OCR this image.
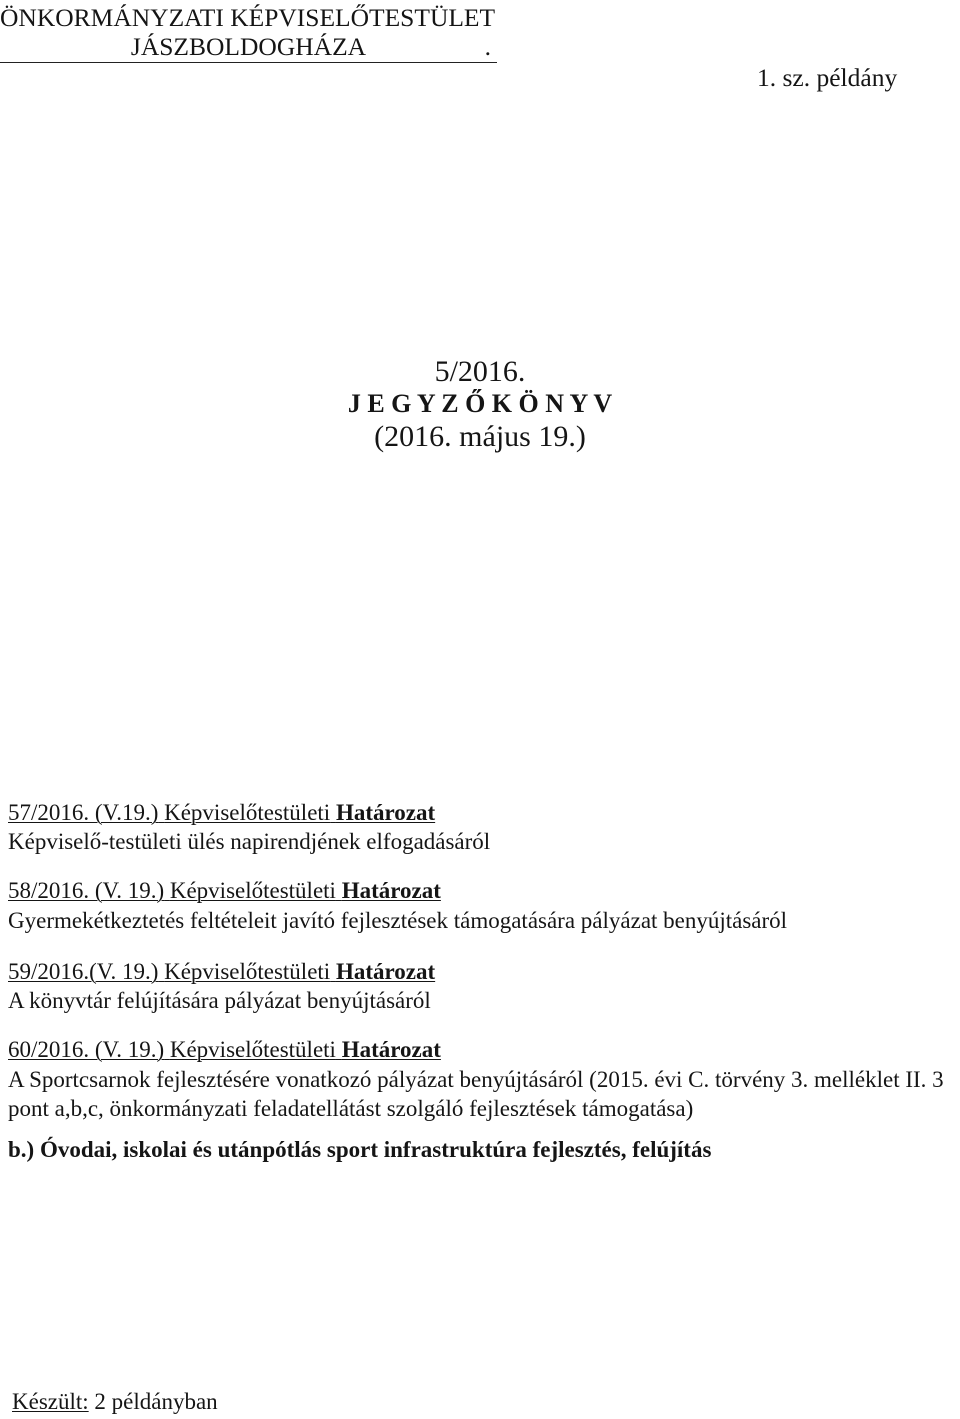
ÖNKORMÁNYZATI KÉPVISELŐTESTÜLET
JÁSZBOLDOGHÁZA	.
1. sz. példány
5/2016.
J E G Y Z Ő K Ö N Y V
(2016. május 19.)
57/2016. (V.19.) Képviselőtestületi Határozat
Képviselő-testületi ülés napirendjének elfogadásáról
58/2016. (V. 19.) Képviselőtestületi Határozat
Gyermekétkeztetés feltételeit javító fejlesztések támogatására pályázat benyújtásáról
59/2016.(V. 19.) Képviselőtestületi Határozat
A könyvtár felújítására pályázat benyújtásáról
60/2016. (V. 19.) Képviselőtestületi Határozat
A Sportcsarnok fejlesztésére vonatkozó pályázat benyújtásáról (2015. évi C. törvény 3. melléklet II. 3
pont a,b,c, önkormányzati feladatellátást szolgáló fejlesztések támogatása)
b.) Óvodai, iskolai és utánpótlás sport infrastruktúra fejlesztés, felújítás
Készült: 2 példányban
